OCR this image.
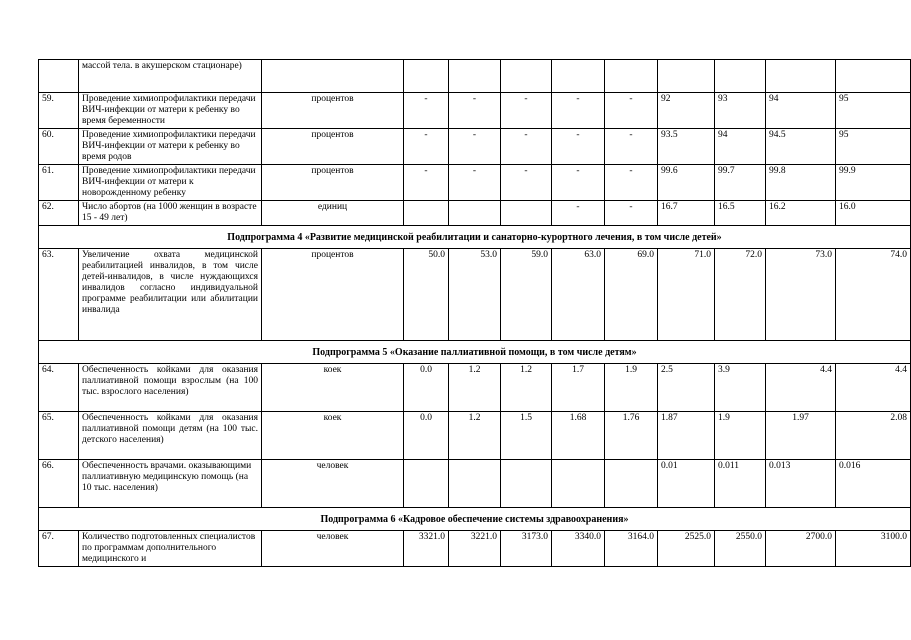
	массой тела. в акушерском стационаре)										
59.	Проведение химиопрофилактики передачи ВИЧ-инфекции от матери к ребенку во время беременности	процентов	-	-	-	-	-	92	93	94	95
60.	Проведение химиопрофилактики передачи ВИЧ-инфекции от матери к ребенку во время родов	процентов	-	-	-	-	-	93.5	94	94.5	95
61.	Проведение химиопрофилактики передачи ВИЧ-инфекции от матери к новорожденному ребенку	процентов	-	-	-	-	-	99.6	99.7	99.8	99.9
62.	Число абортов (на 1000 женщин в возрасте 15 - 49 лет)	единиц				-	-	16.7	16.5	16.2	16.0
Подпрограмма 4 «Развитие медицинской реабилитации и санаторно-курортного лечения, в том числе детей»											
63.	Увеличение охвата медицинской реабилитацией инвалидов, в том числе детей-инвалидов, в числе нуждающихся инвалидов согласно индивидуальной программе реабилитации или абилитации инвалида	процентов	50.0	53.0	59.0	63.0	69.0	71.0	72.0	73.0	74.0
Подпрограмма 5 «Оказание паллиативной помощи, в том числе детям»											
64.	Обеспеченность койками для оказания паллиативной помощи взрослым (на 100 тыс. взрослого населения)	коек	0.0	1.2	1.2	1.7	1.9	2.5	3.9	4.4	4.4
65.	Обеспеченность койками для оказания паллиативной помощи детям (на 100 тыс. детского населения)	коек	0.0	1.2	1.5	1.68	1.76	1.87	1.9	1.97	2.08
66.	Обеспеченность врачами. оказывающими паллиативную медицинскую помощь (на 10 тыс. населения)	человек						0.01	0.011	0.013	0.016
Подпрограмма 6 «Кадровое обеспечение системы здравоохранения»											
67.	Количество подготовленных специалистов по программам дополнительного медицинского и	человек	3321.0	3221.0	3173.0	3340.0	3164.0	2525.0	2550.0	2700.0	3100.0
